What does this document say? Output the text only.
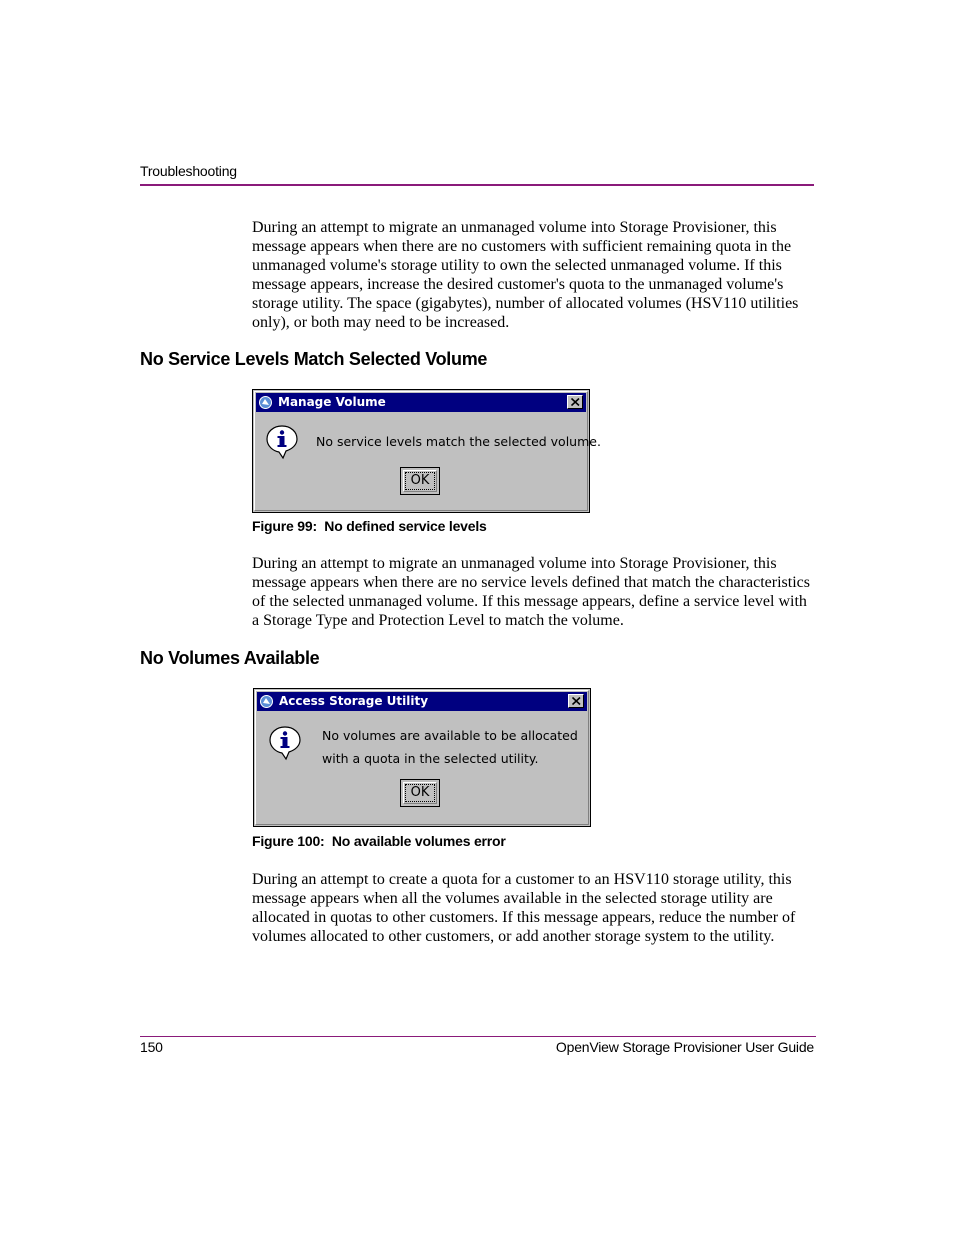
Troubleshooting
During an attempt to migrate an unmanaged volume into Storage Provisioner, this message appears when there are no customers with sufficient remaining quota in the unmanaged volume's storage utility to own the selected unmanaged volume. If this message appears, increase the desired customer's quota to the unmanaged volume's storage utility. The space (gigabytes), number of allocated volumes (HSV110 utilities only), or both may need to be increased.
No Service Levels Match Selected Volume
Manage Volume
No service levels match the selected volume.
OK
Figure 99: No defined service levels
During an attempt to migrate an unmanaged volume into Storage Provisioner, this message appears when there are no service levels defined that match the characteristics of the selected unmanaged volume. If this message appears, define a service level with a Storage Type and Protection Level to match the volume.
No Volumes Available
Access Storage Utility
No volumes are available to be allocated
with a quota in the selected utility.
OK
Figure 100: No available volumes error
During an attempt to create a quota for a customer to an HSV110 storage utility, this message appears when all the volumes available in the selected storage utility are allocated in quotas to other customers. If this message appears, reduce the number of volumes allocated to other customers, or add another storage system to the utility.
150	OpenView Storage Provisioner User Guide
